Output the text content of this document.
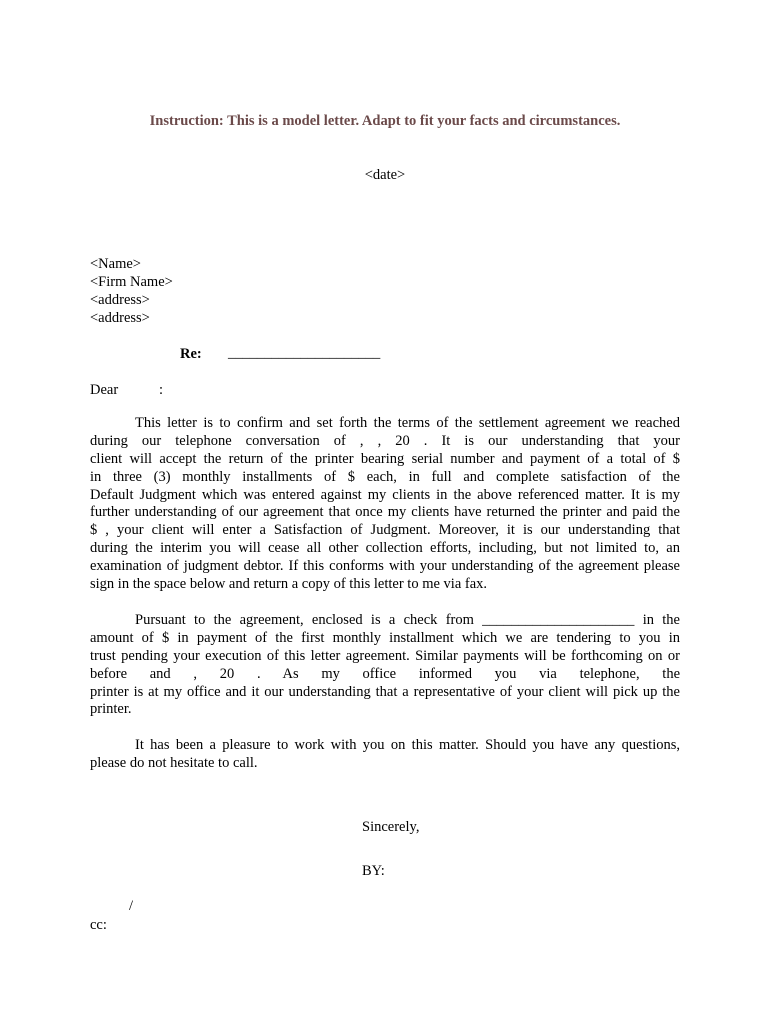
Instruction: This is a model letter. Adapt to fit your facts and circumstances.
<date>
<Name>
<Firm Name>
<address>
<address>
Re: _____________________
Dear	:
This letter is to confirm and set forth the terms of the settlement agreement we reached
during our telephone conversation of , , 20 . It is our understanding that your
client will accept the return of the printer bearing serial number and payment of a total of $
in three (3) monthly installments of $ each, in full and complete satisfaction of the
Default Judgment which was entered against my clients in the above referenced matter. It is my
further understanding of our agreement that once my clients have returned the printer and paid the
$ , your client will enter a Satisfaction of Judgment. Moreover, it is our understanding that
during the interim you will cease all other collection efforts, including, but not limited to, an
examination of judgment debtor. If this conforms with your understanding of the agreement please
sign in the space below and return a copy of this letter to me via fax.
Pursuant to the agreement, enclosed is a check from _____________________ in the
amount of $ in payment of the first monthly installment which we are tendering to you in
trust pending your execution of this letter agreement. Similar payments will be forthcoming on or
before and , 20 . As my office informed you via telephone, the
printer is at my office and it our understanding that a representative of your client will pick up the
printer.
It has been a pleasure to work with you on this matter. Should you have any questions,
please do not hesitate to call.
Sincerely,
BY:
/
cc:
